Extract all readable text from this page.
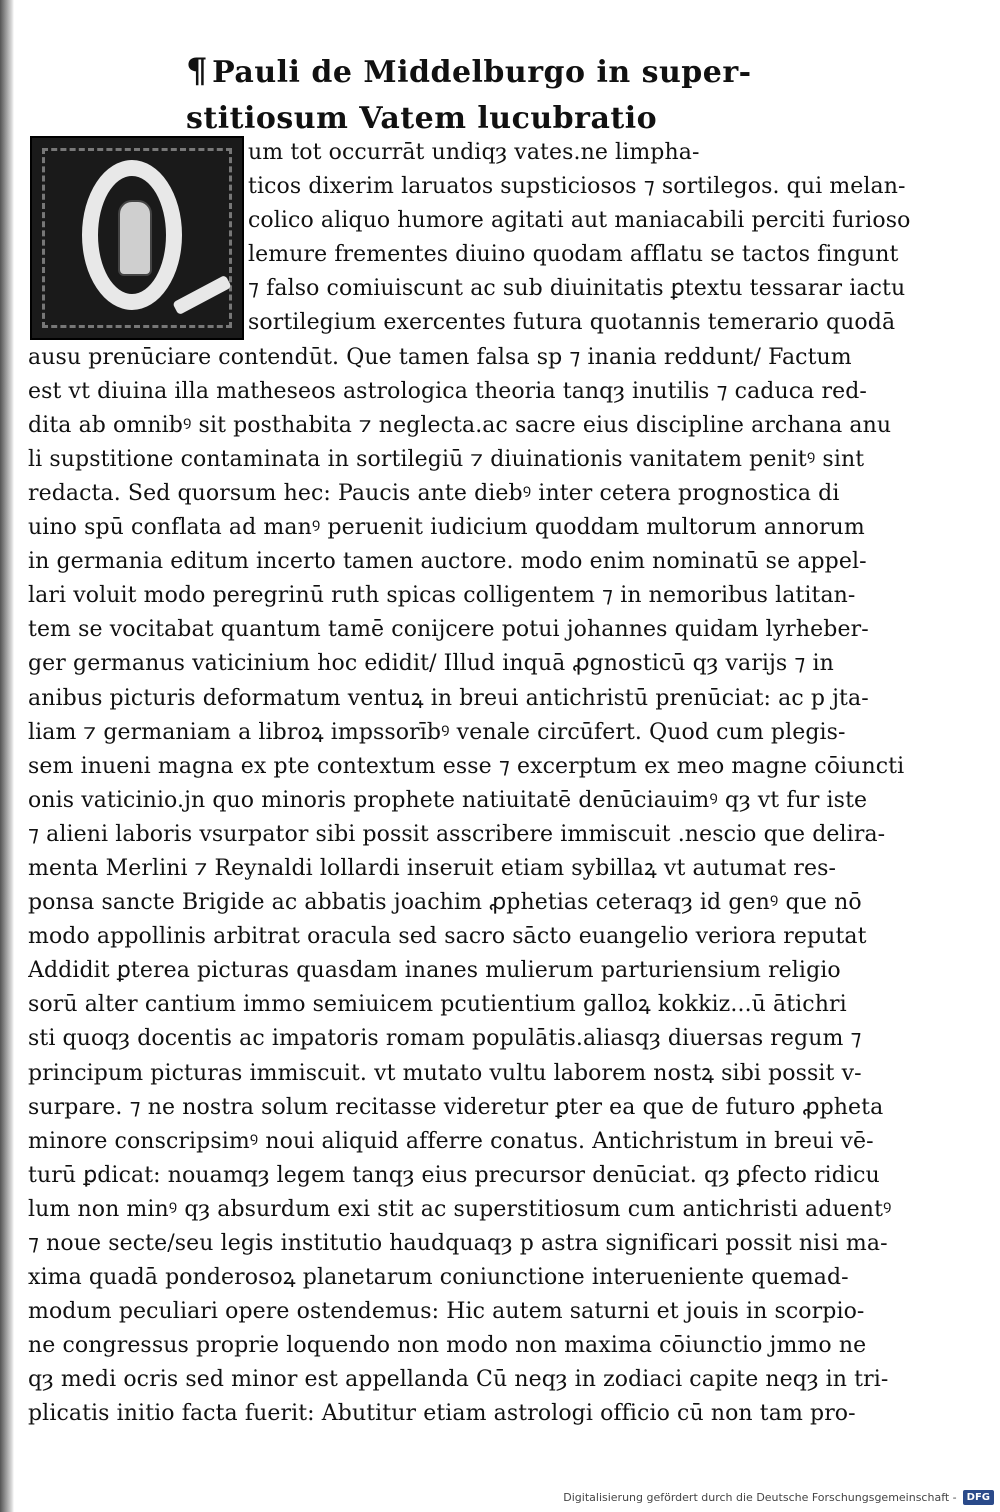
¶ Pauli de Middelburgo in super-
stitiosum Vatem lucubratio
um tot occurrāt undiqȝ vates.ne limpha-
ticos dixerim laruatos supsticiosos ⁊ sortilegos. qui melan-
colico aliquo humore agitati aut maniacabili perciti furioso
lemure frementes diuino quodam afflatu se tactos fingunt
⁊ falso comiuiscunt ac sub diuinitatis ꝑtextu tessarar iactu
sortilegium exercentes futura quotannis temerario quodā
ausu prenūciare contendūt. Que tamen falsa sp ⁊ inania reddunt/ Factum
est vt diuina illa matheseos astrologica theoria tanqȝ inutilis ⁊ caduca red-
dita ab omnibꝰ sit posthabita ⁊ neglecta.ac sacre eius discipline archana anu
li supstitione contaminata in sortilegiū ⁊ diuinationis vanitatem penitꝰ sint
redacta. Sed quorsum hec: Paucis ante diebꝰ inter cetera prognostica di
uino spū conflata ad manꝰ peruenit iudicium quoddam multorum annorum
in germania editum incerto tamen auctore. modo enim nominatū se appel-
lari voluit modo peregrinū ruth spicas colligentem ⁊ in nemoribus latitan-
tem se vocitabat quantum tamē conijcere potui johannes quidam lyrheber-
ger germanus vaticinium hoc edidit/ Illud inquā ꝓgnosticū qȝ varijs ⁊ in
anibus picturis deformatum ventuꝝ in breui antichristū prenūciat: ac p jta-
liam ⁊ germaniam a libroꝝ impssorībꝰ venale circūfert. Quod cum plegis-
sem inueni magna ex pte contextum esse ⁊ excerptum ex meo magne cōiuncti
onis vaticinio.jn quo minoris prophete natiuitatē denūciauimꝰ qȝ vt fur iste
⁊ alieni laboris vsurpator sibi possit asscribere immiscuit .nescio que delira-
menta Merlini ⁊ Reynaldi lollardi inseruit etiam sybillaꝝ vt autumat res-
ponsa sancte Brigide ac abbatis joachim ꝓphetias ceteraqȝ id genꝰ que nō
modo appollinis arbitrat oracula sed sacro sācto euangelio veriora reputat
Addidit ꝑterea picturas quasdam inanes mulierum parturiensium religio
sorū alter cantium immo semiuicem pcutientium galloꝝ kokkiz...ū ātichri
sti quoqȝ docentis ac impatoris romam populātis.aliasqȝ diuersas regum ⁊
principum picturas immiscuit. vt mutato vultu laborem nostꝝ sibi possit v-
surpare. ⁊ ne nostra solum recitasse videretur ꝑter ea que de futuro ꝓpheta
minore conscripsimꝰ noui aliquid afferre conatus. Antichristum in breui vē-
turū ꝑdicat: nouamqȝ legem tanqȝ eius precursor denūciat. qȝ ꝑfecto ridicu
lum non minꝰ qȝ absurdum exi stit ac superstitiosum cum antichristi aduentꝰ
⁊ noue secte/seu legis institutio haudquaqȝ p astra significari possit nisi ma-
xima quadā ponderosoꝝ planetarum coniunctione interueniente quemad-
modum peculiari opere ostendemus: Hic autem saturni et jouis in scorpio-
ne congressus proprie loquendo non modo non maxima cōiunctio jmmo ne
qȝ medi ocris sed minor est appellanda Cū neqȝ in zodiaci capite neqȝ in tri-
plicatis initio facta fuerit: Abutitur etiam astrologi officio cū non tam pro-
Digitalisierung gefördert durch die Deutsche Forschungsgemeinschaft -	DFG
